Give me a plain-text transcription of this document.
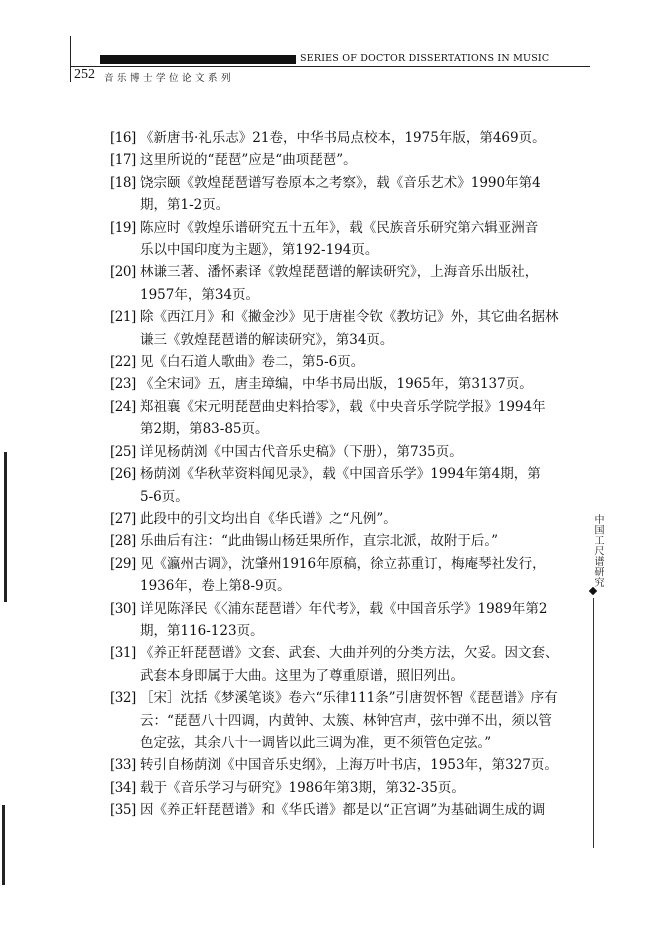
SERIES OF DOCTOR DISSERTATIONS IN MUSIC
252 音乐博士学位论文系列
[16] 《新唐书·礼乐志》21卷，中华书局点校本，1975年版，第469页。
[17] 这里所说的“琵琶”应是“曲项琵琶”。
[18] 饶宗颐《敦煌琵琶谱写卷原本之考察》，载《音乐艺术》1990年第4
期，第1-2页。
[19] 陈应时《敦煌乐谱研究五十五年》，载《民族音乐研究第六辑亚洲音
乐以中国印度为主题》，第192-194页。
[20] 林谦三著、潘怀素译《敦煌琵琶谱的解读研究》，上海音乐出版社，
1957年，第34页。
[21] 除《西江月》和《撇金沙》见于唐崔令钦《教坊记》外，其它曲名据林
谦三《敦煌琵琶谱的解读研究》，第34页。
[22] 见《白石道人歌曲》卷二，第5-6页。
[23] 《全宋词》五，唐圭璋编，中华书局出版，1965年，第3137页。
[24] 郑祖襄《宋元明琵琶曲史料拾零》，载《中央音乐学院学报》1994年
第2期，第83-85页。
[25] 详见杨荫浏《中国古代音乐史稿》（下册），第735页。
[26] 杨荫浏《华秋苹资料闻见录》，载《中国音乐学》1994年第4期，第
5-6页。
[27] 此段中的引文均出自《华氏谱》之“凡例”。
[28] 乐曲后有注：“此曲锡山杨廷果所作，直宗北派，故附于后。”
[29] 见《瀛州古调》，沈肇州1916年原稿，徐立荪重订，梅庵琴社发行，
1936年，卷上第8-9页。
[30] 详见陈泽民《〈浦东琵琶谱〉年代考》，载《中国音乐学》1989年第2
期，第116-123页。
[31] 《养正轩琵琶谱》文套、武套、大曲并列的分类方法，欠妥。因文套、
武套本身即属于大曲。这里为了尊重原谱，照旧列出。
[32] ［宋］沈括《梦溪笔谈》卷六“乐律111条”引唐贺怀智《琵琶谱》序有
云：“琵琶八十四调，内黄钟、太簇、林钟宫声，弦中弹不出，须以管
色定弦，其余八十一调皆以此三调为准，更不须管色定弦。”
[33] 转引自杨荫浏《中国音乐史纲》，上海万叶书店，1953年，第327页。
[34] 载于《音乐学习与研究》1986年第3期，第32-35页。
[35] 因《养正轩琵琶谱》和《华氏谱》都是以“正宫调”为基础调生成的调
中国工尺谱研究
